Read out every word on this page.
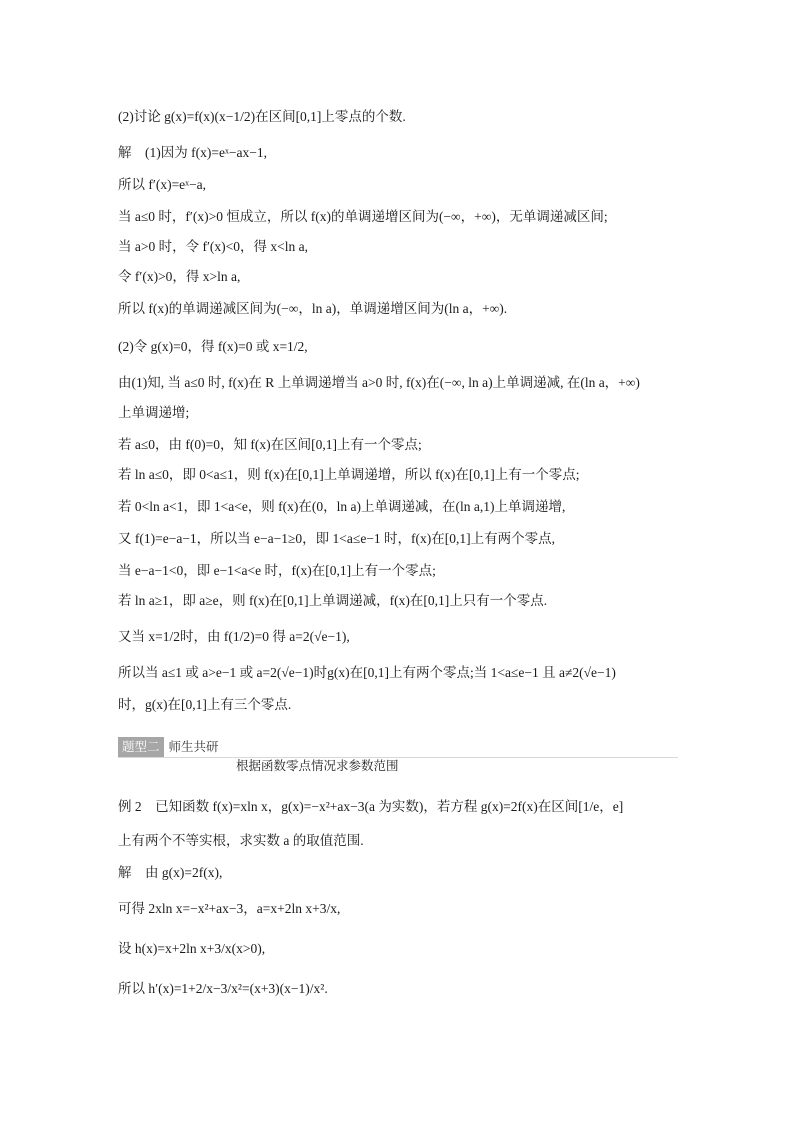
(2)讨论 g(x)=f(x)(x−1/2)在区间[0,1]上零点的个数.
解　(1)因为 f(x)=eˣ−ax−1,
所以 f′(x)=eˣ−a,
当 a≤0 时，f′(x)>0 恒成立，所以 f(x)的单调递增区间为(−∞，+∞)，无单调递减区间;
当 a>0 时，令 f′(x)<0，得 x<ln a,
令 f′(x)>0，得 x>ln a,
所以 f(x)的单调递减区间为(−∞，ln a)，单调递增区间为(ln a，+∞).
(2)令 g(x)=0，得 f(x)=0 或 x=1/2,
由(1)知, 当 a≤0 时, f(x)在 R 上单调递增当 a>0 时, f(x)在(−∞, ln a)上单调递减, 在(ln a，+∞)
上单调递增;
若 a≤0，由 f(0)=0，知 f(x)在区间[0,1]上有一个零点;
若 ln a≤0，即 0<a≤1，则 f(x)在[0,1]上单调递增，所以 f(x)在[0,1]上有一个零点;
若 0<ln a<1，即 1<a<e，则 f(x)在(0，ln a)上单调递减，在(ln a,1)上单调递增,
又 f(1)=e−a−1，所以当 e−a−1≥0，即 1<a≤e−1 时，f(x)在[0,1]上有两个零点,
当 e−a−1<0，即 e−1<a<e 时，f(x)在[0,1]上有一个零点;
若 ln a≥1，即 a≥e，则 f(x)在[0,1]上单调递减，f(x)在[0,1]上只有一个零点.
又当 x=1/2时，由 f(1/2)=0 得 a=2(√e−1),
所以当 a≤1 或 a>e−1 或 a=2(√e−1)时g(x)在[0,1]上有两个零点;当 1<a≤e−1 且 a≠2(√e−1)
时，g(x)在[0,1]上有三个零点.
题型二 师生共研
根据函数零点情况求参数范围
例 2　已知函数 f(x)=xln x，g(x)=−x²+ax−3(a 为实数)，若方程 g(x)=2f(x)在区间[1/e，e]
上有两个不等实根，求实数 a 的取值范围.
解　由 g(x)=2f(x),
可得 2xln x=−x²+ax−3，a=x+2ln x+3/x,
设 h(x)=x+2ln x+3/x(x>0),
所以 h′(x)=1+2/x−3/x²=(x+3)(x−1)/x².
